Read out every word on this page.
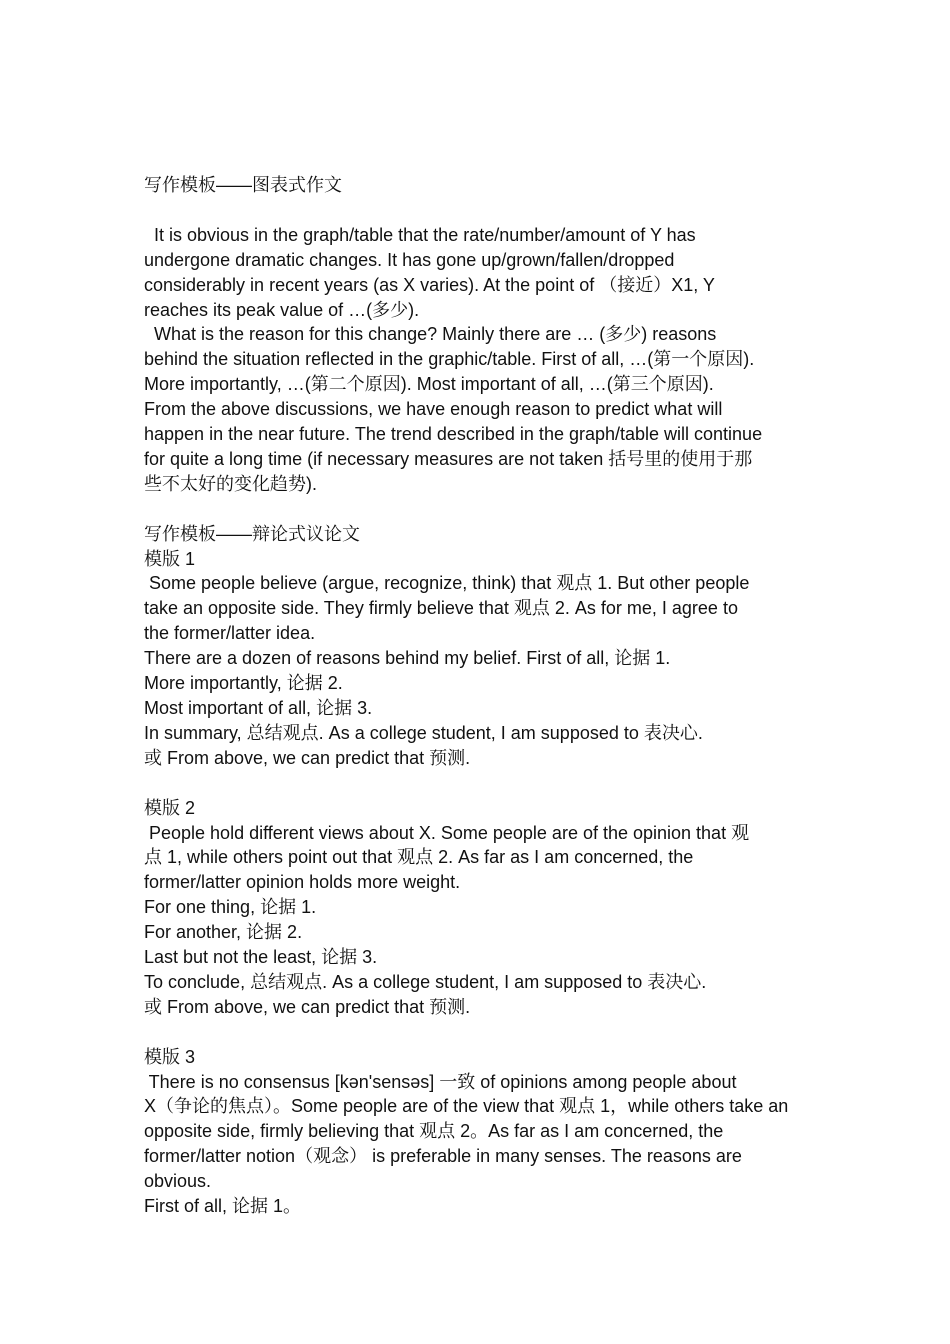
写作模板——图表式作文
It is obvious in the graph/table that the rate/number/amount of Y has
undergone dramatic changes. It has gone up/grown/fallen/dropped
considerably in recent years (as X varies). At the point of （接近）X1, Y
reaches its peak value of …(多少).
What is the reason for this change? Mainly there are … (多少) reasons
behind the situation reflected in the graphic/table. First of all, …(第一个原因).
More importantly, …(第二个原因). Most important of all, …(第三个原因).
From the above discussions, we have enough reason to predict what will
happen in the near future. The trend described in the graph/table will continue
for quite a long time (if necessary measures are not taken 括号里的使用于那
些不太好的变化趋势).
写作模板——辩论式议论文
模版 1
Some people believe (argue, recognize, think) that 观点 1. But other people
take an opposite side. They firmly believe that 观点 2. As for me, I agree to
the former/latter idea.
There are a dozen of reasons behind my belief. First of all, 论据 1.
More importantly, 论据 2.
Most important of all, 论据 3.
In summary, 总结观点. As a college student, I am supposed to 表决心.
或 From above, we can predict that 预测.
模版 2
People hold different views about X. Some people are of the opinion that 观
点 1, while others point out that 观点 2. As far as I am concerned, the
former/latter opinion holds more weight.
For one thing, 论据 1.
For another, 论据 2.
Last but not the least, 论据 3.
To conclude, 总结观点. As a college student, I am supposed to 表决心.
或 From above, we can predict that 预测.
模版 3
There is no consensus [kən'sensəs] 一致 of opinions among people about
X（争论的焦点）。Some people are of the view that 观点 1，while others take an
opposite side, firmly believing that 观点 2。As far as I am concerned, the
former/latter notion（观念） is preferable in many senses. The reasons are
obvious.
First of all, 论据 1。
